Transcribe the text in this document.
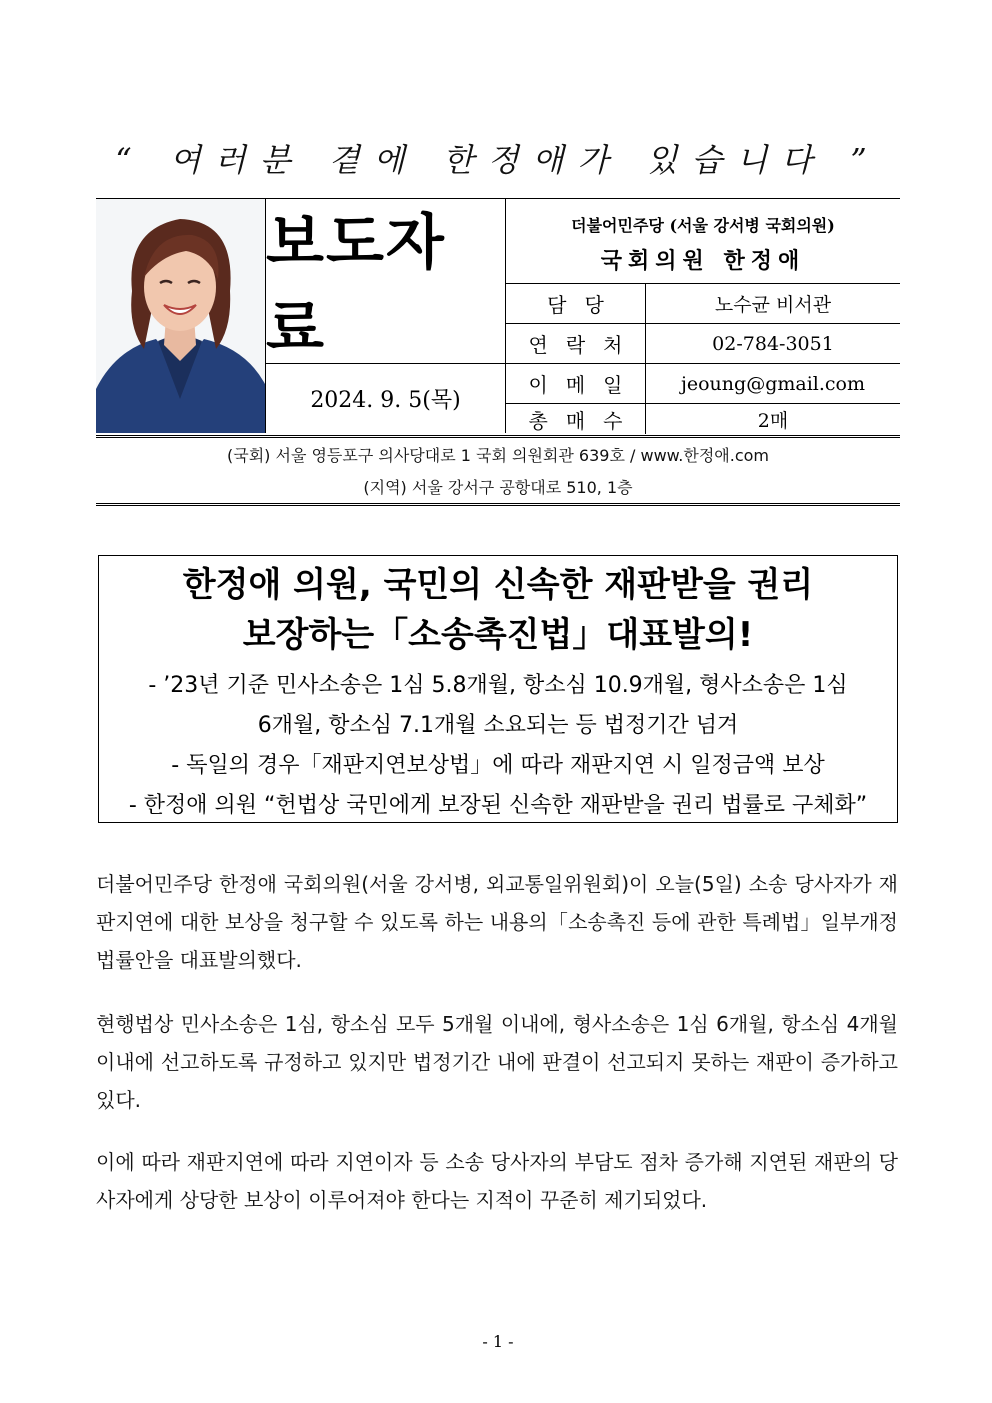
“ 여러분 곁에 한정애가 있습니다 ”
보도자료
2024. 9. 5(목)
더불어민주당 (서울 강서병 국회의원)
국회의원 한정애
담당	노수균 비서관
연락처	02-784-3051
이메일	jeoung@gmail.com
총매수	2매
(국회) 서울 영등포구 의사당대로 1 국회 의원회관 639호 / www.한정애.com
(지역) 서울 강서구 공항대로 510, 1층
한정애 의원, 국민의 신속한 재판받을 권리
보장하는「소송촉진법」대표발의!
- ’23년 기준 민사소송은 1심 5.8개월, 항소심 10.9개월, 형사소송은 1심
6개월, 항소심 7.1개월 소요되는 등 법정기간 넘겨
- 독일의 경우「재판지연보상법」에 따라 재판지연 시 일정금액 보상
- 한정애 의원 “헌법상 국민에게 보장된 신속한 재판받을 권리 법률로 구체화”
더불어민주당 한정애 국회의원(서울 강서병, 외교통일위원회)이 오늘(5일) 소송 당사자가 재판지연에 대한 보상을 청구할 수 있도록 하는 내용의「소송촉진 등에 관한 특례법」일부개정법률안을 대표발의했다.
현행법상 민사소송은 1심, 항소심 모두 5개월 이내에, 형사소송은 1심 6개월, 항소심 4개월 이내에 선고하도록 규정하고 있지만 법정기간 내에 판결이 선고되지 못하는 재판이 증가하고 있다.
이에 따라 재판지연에 따라 지연이자 등 소송 당사자의 부담도 점차 증가해 지연된 재판의 당사자에게 상당한 보상이 이루어져야 한다는 지적이 꾸준히 제기되었다.
- 1 -
